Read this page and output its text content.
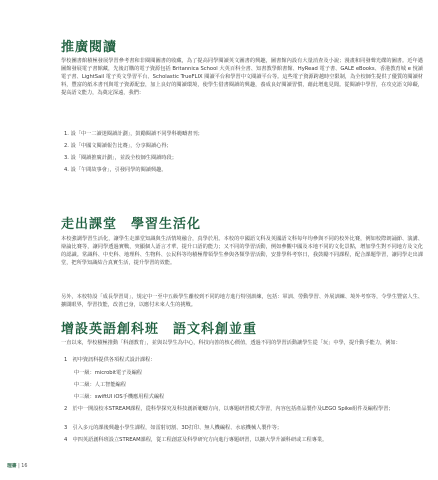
推廣閱讀

學校團書館積極發展學習參考書和非閱閱圖書的收藏，為了提高同學閱讀英文圖書的興趣，圖書館內設有大量消查及小說；漫畫和同發聲光碟的圖書。近年邁圖館發展電子書館藏，先後訂購的電子資源包括 Britannica School 大英百科全書、知書教學館書館、HyRead 電子書、GALE eBooks、香港教育城 e 悅讀電子書、LightSail 電子英文學習平台、Scholastic TrueFLIX 閱讀平台和學習中文閱讀平台等。這些電子資源跨越時空限制，為全校師生提供了優質的閱讀材料，豐富的紙本書刊與電子資源配套，加上良好的閱讀環境，使學生借書閱讀的興趣，養成良好閱讀習慣，藉此增進見聞。從閱讀中學習，在攻克語文障礙，提高語文能力，為奠定深遠，我們：

1. 設「中一二讀迷閱讀計劃」，鼓勵閱讀不同學科範疇書刊；
2. 設「中國文閱讀報告比賽」，分享閱讀心得；
3. 設「閱讀推廣計劃」，並設全校師生閱讀時段；
4. 設「午間故事會」，引發同學的閱讀興趣。
走出課堂　學習生活化

本校強調學習生活化，讓學生走課堂知識與生活情境融合，真學於用。本校的中國語文科及英國語文科每年均參與不同的校外比賽，例如校際朗誦節、演講、辯論比賽等，讓同學透過實戰，突顯個人語言才華，提升口語的能力；又不同的學習活動，例如參觀中國及本地不同的文化景點，增加學生對不同地方及文化的認識。常識科、中史科、地理科、生物科、公民科等均積極帶領學生參與各類學習活動，安排學科考察日，我鼓勵不同課程，配合課題學習，讓同學走出課堂，把所學知識結合真實生活，提升學習的效能。

另外，本校特設「成長學習周」，規定中一至中五級學生離校到不同的地方進行特別訓練，包括：軍訓、勞動學習、外展訓練、境外考察等，令學生豐富人生、擴闊眼界，學習技能，改善已身，以應付未來人生的挑戰。

增設英語創科班　語文科創並重

一直以來，學校積極推動「科創教育」，並與以學生為中心，科技向善的核心價值，透過不同的學習活動讓學生從「玩」中學，提升動手能力，例如：

1　初中資訊科提供各項程式設計課程：
中一級：microbit電子及編程
中二級：人工智能編程
中三級：swiftUI iOS手機應用程式編程
2　於中一開設校本STREAM課程，從科學探究及科技創新範疇方向，以專題研習模式學習，內容包括產品製作及LEGO Spike組件及編程學習；
3　引入多元的課後興趣小學生課程，如雷射切割、3D打印、無人機編程、水底機械人製作等；
4　中四英語創科班設立STREAM課程，從工程創意及科學研究方向進行專題研習，以擴大學升讀科研或工程專業。
理書 | 16
